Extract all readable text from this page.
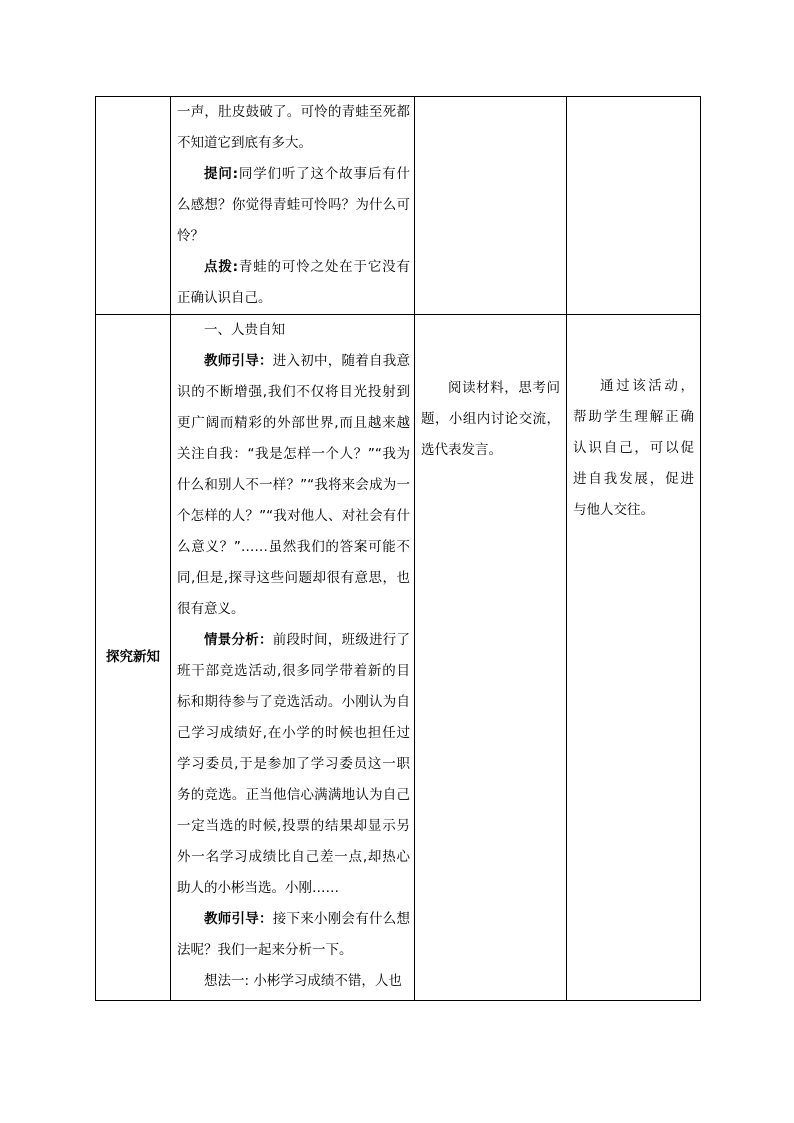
	一声，肚皮鼓破了。可怜的青蛙至死都不知道它到底有多大。

提问:同学们听了这个故事后有什么感想？你觉得青蛙可怜吗？为什么可怜？

点拨:青蛙的可怜之处在于它没有正确认识自己。		

探究新知	一、人贵自知

教师引导：进入初中，随着自我意识的不断增强,我们不仅将目光投射到更广阔而精彩的外部世界,而且越来越关注自我：“我是怎样一个人？”“我为什么和别人不一样？”“我将来会成为一个怎样的人？”“我对他人、对社会有什么意义？”……虽然我们的答案可能不同,但是,探寻这些问题却很有意思，也很有意义。

情景分析：前段时间，班级进行了班干部竞选活动,很多同学带着新的目标和期待参与了竞选活动。小刚认为自己学习成绩好,在小学的时候也担任过学习委员,于是参加了学习委员这一职务的竞选。正当他信心满满地认为自己一定当选的时候,投票的结果却显示另外一名学习成绩比自己差一点,却热心助人的小彬当选。小刚……

教师引导：接下来小刚会有什么想法呢？我们一起来分析一下。

想法一: 小彬学习成绩不错，人也	阅读材料，思考问题，小组内讨论交流，选代表发言。	通过该活动，帮助学生理解正确认识自己，可以促进自我发展，促进与他人交往。
